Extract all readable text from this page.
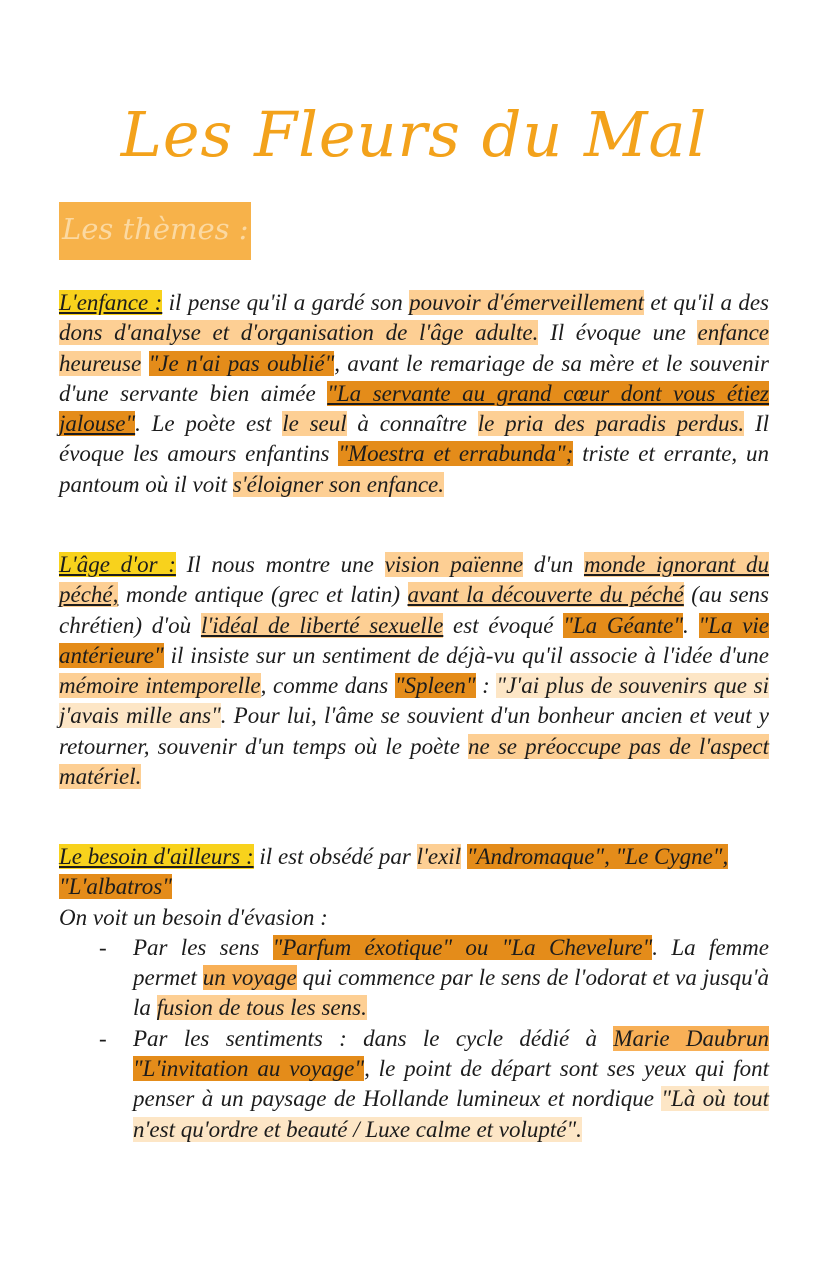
Les Fleurs du Mal
Les thèmes :

L'enfance : il pense qu'il a gardé son pouvoir d'émerveillement et qu'il a des dons d'analyse et d'organisation de l'âge adulte. Il évoque une enfance heureuse "Je n'ai pas oublié", avant le remariage de sa mère et le souvenir d'une servante bien aimée "La servante au grand cœur dont vous étiez jalouse". Le poète est le seul à connaître le pria des paradis perdus. Il évoque les amours enfantins "Moestra et errabunda"; triste et errante, un pantoum où il voit s'éloigner son enfance.

L'âge d'or : Il nous montre une vision païenne d'un monde ignorant du péché, monde antique (grec et latin) avant la découverte du péché (au sens chrétien) d'où l'idéal de liberté sexuelle est évoqué "La Géante". "La vie antérieure" il insiste sur un sentiment de déjà-vu qu'il associe à l'idée d'une mémoire intemporelle, comme dans "Spleen" : "J'ai plus de souvenirs que si j'avais mille ans". Pour lui, l'âme se souvient d'un bonheur ancien et veut y retourner, souvenir d'un temps où le poète ne se préoccupe pas de l'aspect matériel.

Le besoin d'ailleurs : il est obsédé par l'exil "Andromaque", "Le Cygne", "L'albatros"

On voit un besoin d'évasion :

- Par les sens "Parfum éxotique" ou "La Chevelure". La femme permet un voyage qui commence par le sens de l'odorat et va jusqu'à la fusion de tous les sens.
- Par les sentiments : dans le cycle dédié à Marie Daubrun "L'invitation au voyage", le point de départ sont ses yeux qui font penser à un paysage de Hollande lumineux et nordique "Là où tout n'est qu'ordre et beauté / Luxe calme et volupté".
